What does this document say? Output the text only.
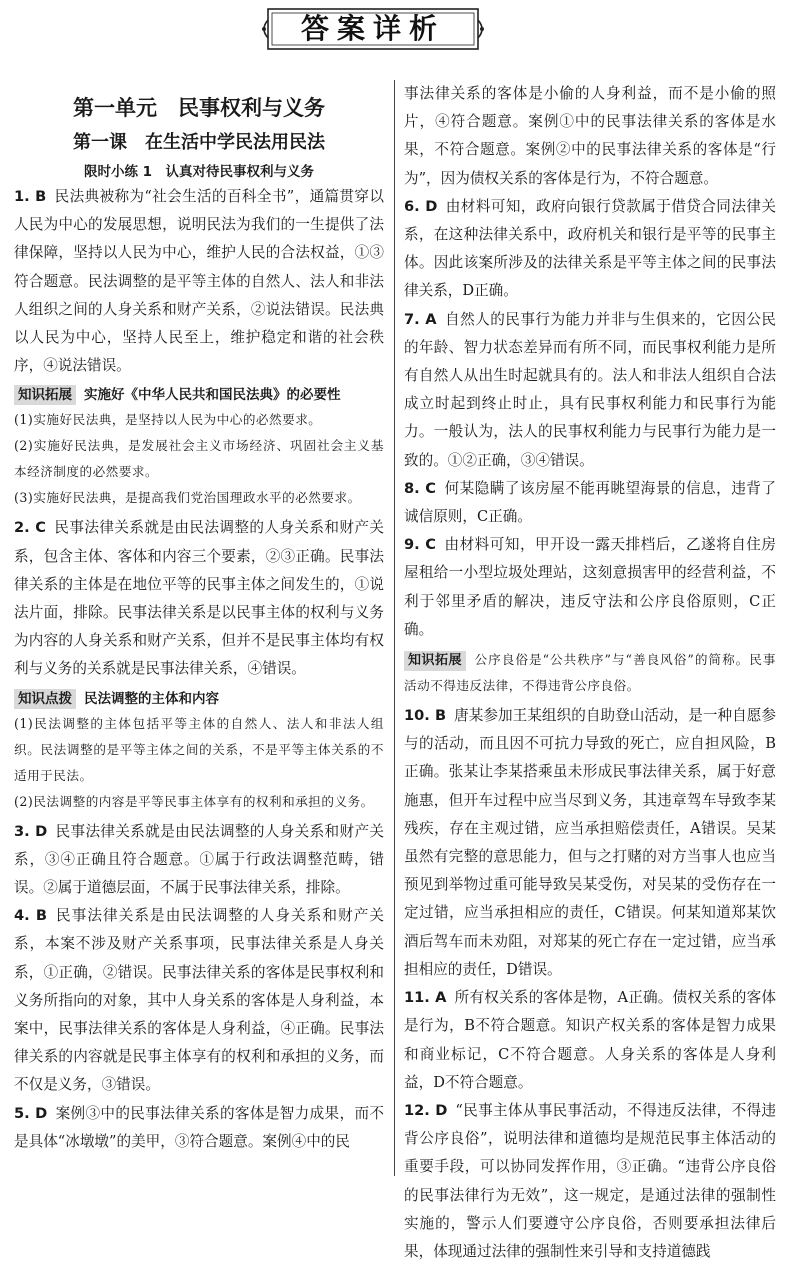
答案详析
第一单元　民事权利与义务
第一课　在生活中学民法用民法
限时小练 1　认真对待民事权利与义务

1. B 民法典被称为“社会生活的百科全书”，通篇贯穿以人民为中心的发展思想，说明民法为我们的一生提供了法律保障，坚持以人民为中心，维护人民的合法权益，①③符合题意。民法调整的是平等主体的自然人、法人和非法人组织之间的人身关系和财产关系，②说法错误。民法典以人民为中心，坚持人民至上，维护稳定和谐的社会秩序，④说法错误。

知识拓展 实施好《中华人民共和国民法典》的必要性

(1)实施好民法典，是坚持以人民为中心的必然要求。

(2)实施好民法典，是发展社会主义市场经济、巩固社会主义基本经济制度的必然要求。

(3)实施好民法典，是提高我们党治国理政水平的必然要求。

2. C 民事法律关系就是由民法调整的人身关系和财产关系，包含主体、客体和内容三个要素，②③正确。民事法律关系的主体是在地位平等的民事主体之间发生的，①说法片面，排除。民事法律关系是以民事主体的权利与义务为内容的人身关系和财产关系，但并不是民事主体均有权利与义务的关系就是民事法律关系，④错误。

知识点拨 民法调整的主体和内容

(1)民法调整的主体包括平等主体的自然人、法人和非法人组织。民法调整的是平等主体之间的关系，不是平等主体关系的不适用于民法。

(2)民法调整的内容是平等民事主体享有的权利和承担的义务。

3. D 民事法律关系就是由民法调整的人身关系和财产关系，③④正确且符合题意。①属于行政法调整范畴，错误。②属于道德层面，不属于民事法律关系，排除。

4. B 民事法律关系是由民法调整的人身关系和财产关系，本案不涉及财产关系事项，民事法律关系是人身关系，①正确，②错误。民事法律关系的客体是民事权利和义务所指向的对象，其中人身关系的客体是人身利益，本案中，民事法律关系的客体是人身利益，④正确。民事法律关系的内容就是民事主体享有的权利和承担的义务，而不仅是义务，③错误。

5. D 案例③中的民事法律关系的客体是智力成果，而不是具体“冰墩墩”的美甲，③符合题意。案例④中的民

事法律关系的客体是小偷的人身利益，而不是小偷的照片，④符合题意。案例①中的民事法律关系的客体是水果，不符合题意。案例②中的民事法律关系的客体是“行为”，因为债权关系的客体是行为，不符合题意。

6. D 由材料可知，政府向银行贷款属于借贷合同法律关系，在这种法律关系中，政府机关和银行是平等的民事主体。因此该案所涉及的法律关系是平等主体之间的民事法律关系，D正确。

7. A 自然人的民事行为能力并非与生俱来的，它因公民的年龄、智力状态差异而有所不同，而民事权利能力是所有自然人从出生时起就具有的。法人和非法人组织自合法成立时起到终止时止，具有民事权利能力和民事行为能力。一般认为，法人的民事权利能力与民事行为能力是一致的。①②正确，③④错误。

8. C 何某隐瞒了该房屋不能再眺望海景的信息，违背了诚信原则，C正确。

9. C 由材料可知，甲开设一露天排档后，乙遂将自住房屋租给一小型垃圾处理站，这刻意损害甲的经营利益，不利于邻里矛盾的解决，违反守法和公序良俗原则，C正确。

知识拓展 公序良俗是“公共秩序”与“善良风俗”的简称。民事活动不得违反法律，不得违背公序良俗。

10. B 唐某参加王某组织的自助登山活动，是一种自愿参与的活动，而且因不可抗力导致的死亡，应自担风险，B正确。张某让李某搭乘虽未形成民事法律关系，属于好意施惠，但开车过程中应当尽到义务，其违章驾车导致李某残疾，存在主观过错，应当承担赔偿责任，A错误。吴某虽然有完整的意思能力，但与之打赌的对方当事人也应当预见到举物过重可能导致吴某受伤，对吴某的受伤存在一定过错，应当承担相应的责任，C错误。何某知道郑某饮酒后驾车而未劝阻，对郑某的死亡存在一定过错，应当承担相应的责任，D错误。

11. A 所有权关系的客体是物，A正确。债权关系的客体是行为，B不符合题意。知识产权关系的客体是智力成果和商业标记，C不符合题意。人身关系的客体是人身利益，D不符合题意。

12. D “民事主体从事民事活动，不得违反法律，不得违背公序良俗”，说明法律和道德均是规范民事主体活动的重要手段，可以协同发挥作用，③正确。“违背公序良俗的民事法律行为无效”，这一规定，是通过法律的强制性实施的，警示人们要遵守公序良俗，否则要承担法律后果，体现通过法律的强制性来引导和支持道德践
